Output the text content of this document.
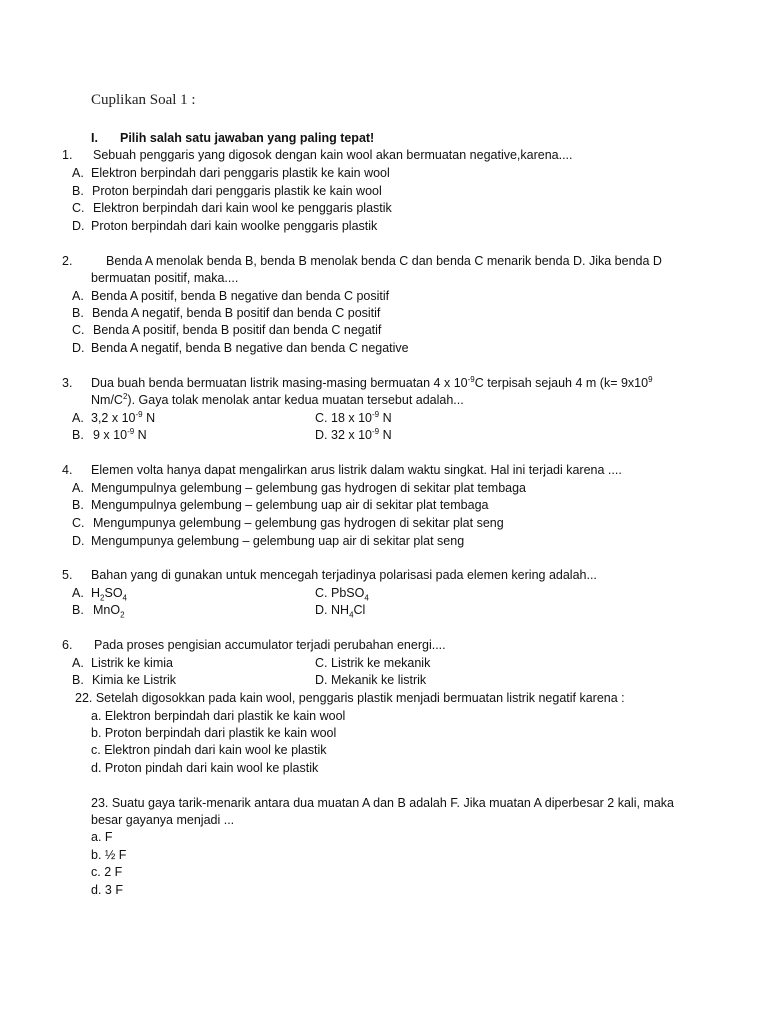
Cuplikan Soal 1 :
I. Pilih salah satu jawaban yang paling tepat!
1. Sebuah penggaris yang digosok dengan kain wool akan bermuatan negative,karena....
A. Elektron berpindah dari penggaris plastik ke kain wool
B. Proton berpindah dari penggaris plastik ke kain wool
C. Elektron berpindah dari kain wool ke penggaris plastik
D. Proton berpindah dari kain woolke penggaris plastik
2.	Benda A menolak benda B, benda B menolak benda C dan benda C menarik benda D. Jika benda D
bermuatan positif, maka....
A. Benda A positif, benda B negative dan benda C positif
B. Benda A negatif, benda B positif dan benda C positif
C. Benda A positif, benda B positif dan benda C negatif
D. Benda A negatif, benda B negative dan benda C negative
3. Dua buah benda bermuatan listrik masing-masing bermuatan 4 x $10^{-9}C$ terpisah sejauh 4 m ($k= 9x10^9$
$Nm/C^2$). Gaya tolak menolak antar kedua muatan tersebut adalah...
A. 3,2 x $10^{-9}$ N	C. 18 x $10^{-9}$ N
B. 9 x $10^{-9}$ N	D. 32 x $10^{-9}$ N
4. Elemen volta hanya dapat mengalirkan arus listrik dalam waktu singkat. Hal ini terjadi karena ....
A. Mengumpulnya gelembung – gelembung gas hydrogen di sekitar plat tembaga
B. Mengumpulnya gelembung – gelembung uap air di sekitar plat tembaga
C. Mengumpunya gelembung – gelembung gas hydrogen di sekitar plat seng
D. Mengumpunya gelembung – gelembung uap air di sekitar plat seng
5. Bahan yang di gunakan untuk mencegah terjadinya polarisasi pada elemen kering adalah...
A. $H_2SO_4$	C. PbSO$_4$
B. MnO$_2$	D. $NH_4Cl$
6. Pada proses pengisian accumulator terjadi perubahan energi....
A. Listrik ke kimia	C. Listrik ke mekanik
B. Kimia ke Listrik	D. Mekanik ke listrik
22. Setelah digosokkan pada kain wool, penggaris plastik menjadi bermuatan listrik negatif karena :
a. Elektron berpindah dari plastik ke kain wool
b. Proton berpindah dari plastik ke kain wool
c. Elektron pindah dari kain wool ke plastik
d. Proton pindah dari kain wool ke plastik
23. Suatu gaya tarik-menarik antara dua muatan A dan B adalah F. Jika muatan A diperbesar 2 kali, maka
besar gayanya menjadi ...
a. F
b. ½ F
c. 2 F
d. 3 F
